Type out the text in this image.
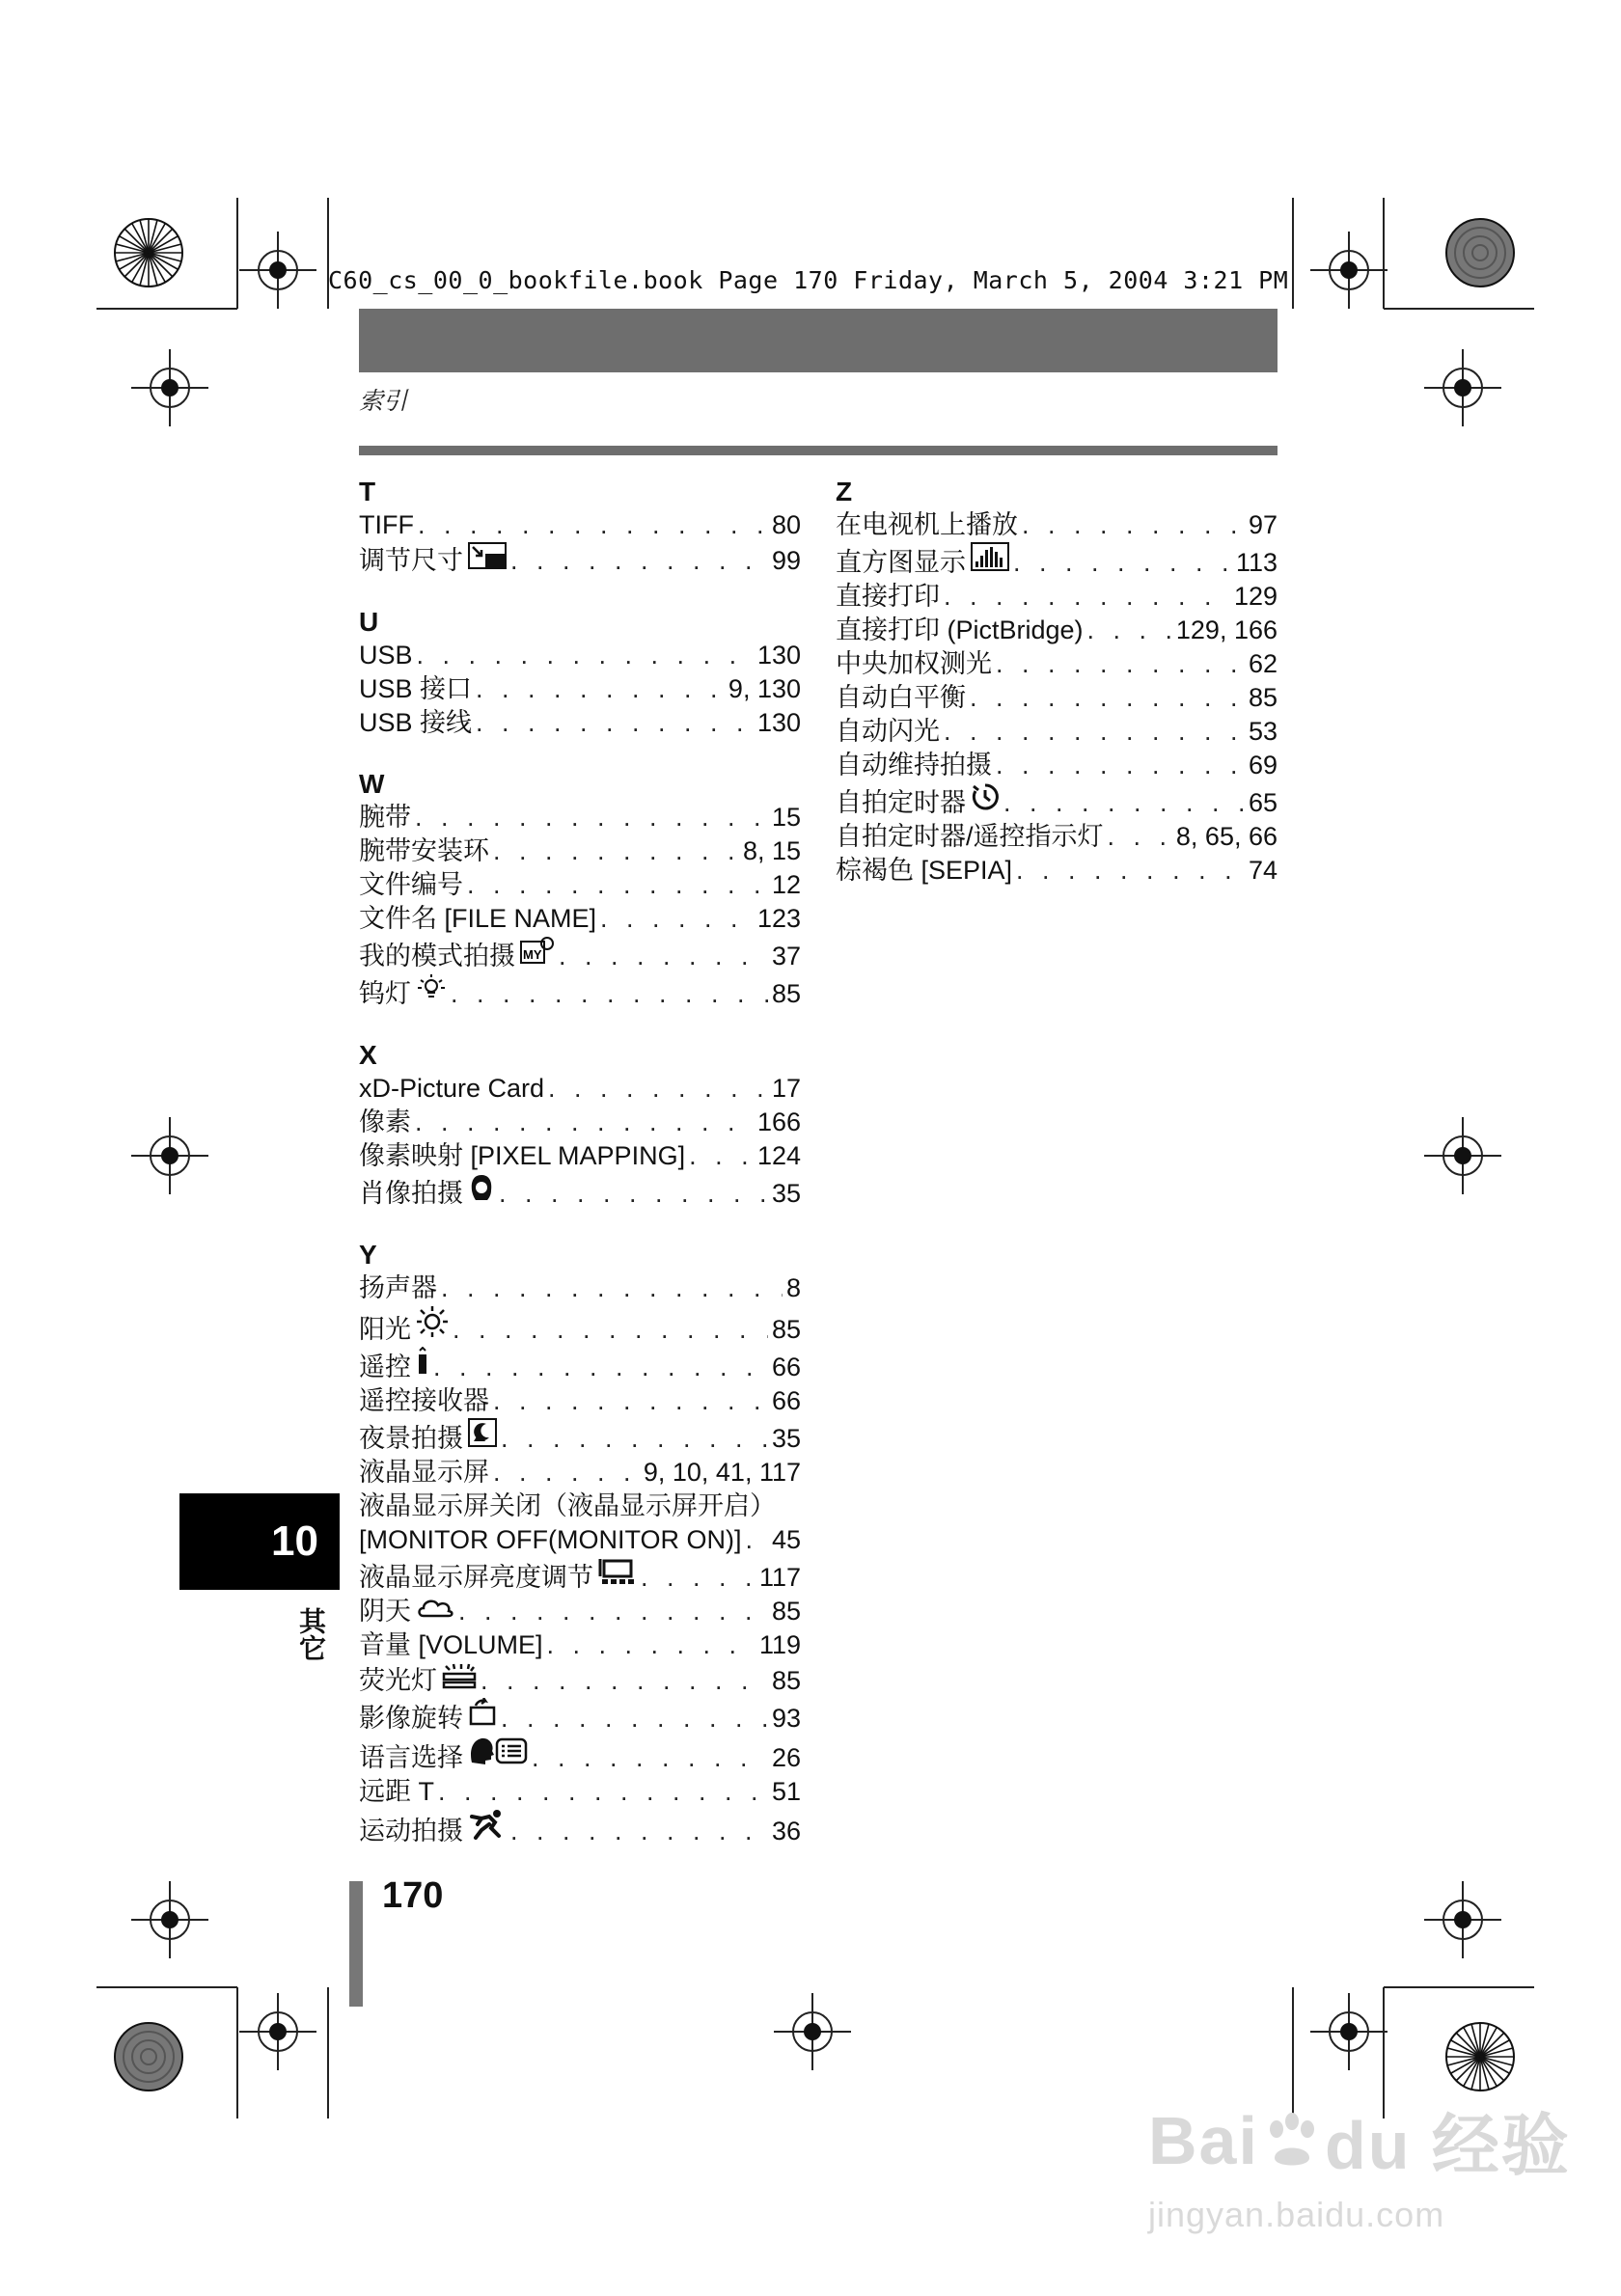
C60_cs_00_0_bookfile.book Page 170 Friday, March 5, 2004 3:21 PM
索引
T
TIFF . . .	80
调节尺寸 . . .	99
U
USB . . .	130
USB 接口 . . .	9, 130
USB 接线 . . .	130
W
腕带 . . .	15
腕带安装环 . . .	8, 15
文件编号 . . .	12
文件名 [FILE NAME] . . .	123
我的模式拍摄 MY . . .	37
钨灯 . . .	85
X
xD-Picture Card . . .	17
像素 . . .	166
像素映射 [PIXEL MAPPING] . . .	124
肖像拍摄 . . .	35
Y
扬声器 . . .	8
阳光 . . .	85
遥控 . . .	66
遥控接收器 . . .	66
夜景拍摄 . . .	35
液晶显示屏 . . .	9, 10, 41, 117
液晶显示屏关闭（液晶显示屏开启）
[MONITOR OFF(MONITOR ON)] . . . 45
液晶显示屏亮度调节 . . .	117
阴天 . . .	85
音量 [VOLUME] . . .	119
荧光灯 . . .	85
影像旋转 . . .	93
语言选择 . . .	26
远距 T . . .	51
运动拍摄 . . .	36
Z
在电视机上播放 . . .	97
直方图显示 . . .	113
直接打印 . . .	129
直接打印 (PictBridge) . . .	129, 166
中央加权测光 . . .	62
自动白平衡 . . .	85
自动闪光 . . .	53
自动维持拍摄 . . .	69
自拍定时器 . . .	65
自拍定时器/遥控指示灯 . . .	8, 65, 66
棕褐色 [SEPIA] . . .	74
10
其它
170
Bai du 经验
jingyan.baidu.com
